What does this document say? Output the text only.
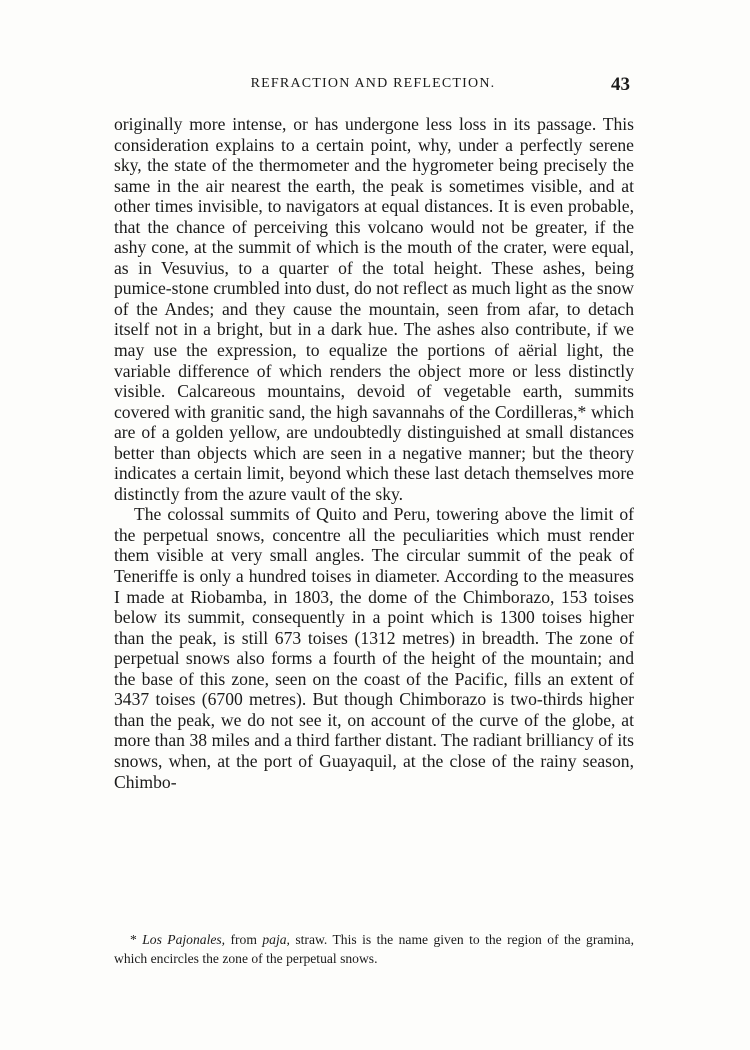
REFRACTION AND REFLECTION.	43

originally more intense, or has undergone less loss in its passage. This consideration explains to a certain point, why, under a perfectly serene sky, the state of the thermometer and the hygrometer being precisely the same in the air nearest the earth, the peak is sometimes visible, and at other times invisible, to navigators at equal distances. It is even probable, that the chance of perceiving this volcano would not be greater, if the ashy cone, at the summit of which is the mouth of the crater, were equal, as in Vesuvius, to a quarter of the total height. These ashes, being pumice-stone crumbled into dust, do not reflect as much light as the snow of the Andes; and they cause the mountain, seen from afar, to detach itself not in a bright, but in a dark hue. The ashes also contribute, if we may use the expression, to equalize the portions of aërial light, the variable difference of which renders the object more or less distinctly visible. Calcareous mountains, devoid of vegetable earth, summits covered with granitic sand, the high savannahs of the Cordilleras,* which are of a golden yellow, are undoubtedly distinguished at small distances better than objects which are seen in a negative manner; but the theory indicates a certain limit, beyond which these last detach themselves more distinctly from the azure vault of the sky.

The colossal summits of Quito and Peru, towering above the limit of the perpetual snows, concentre all the peculiarities which must render them visible at very small angles. The circular summit of the peak of Teneriffe is only a hundred toises in diameter. According to the measures I made at Riobamba, in 1803, the dome of the Chimborazo, 153 toises below its summit, consequently in a point which is 1300 toises higher than the peak, is still 673 toises (1312 metres) in breadth. The zone of perpetual snows also forms a fourth of the height of the mountain; and the base of this zone, seen on the coast of the Pacific, fills an extent of 3437 toises (6700 metres). But though Chimborazo is two-thirds higher than the peak, we do not see it, on account of the curve of the globe, at more than 38 miles and a third farther distant. The radiant brilliancy of its snows, when, at the port of Guayaquil, at the close of the rainy season, Chimbo-

* Los Pajonales, from paja, straw. This is the name given to the region of the gramina, which encircles the zone of the perpetual snows.
